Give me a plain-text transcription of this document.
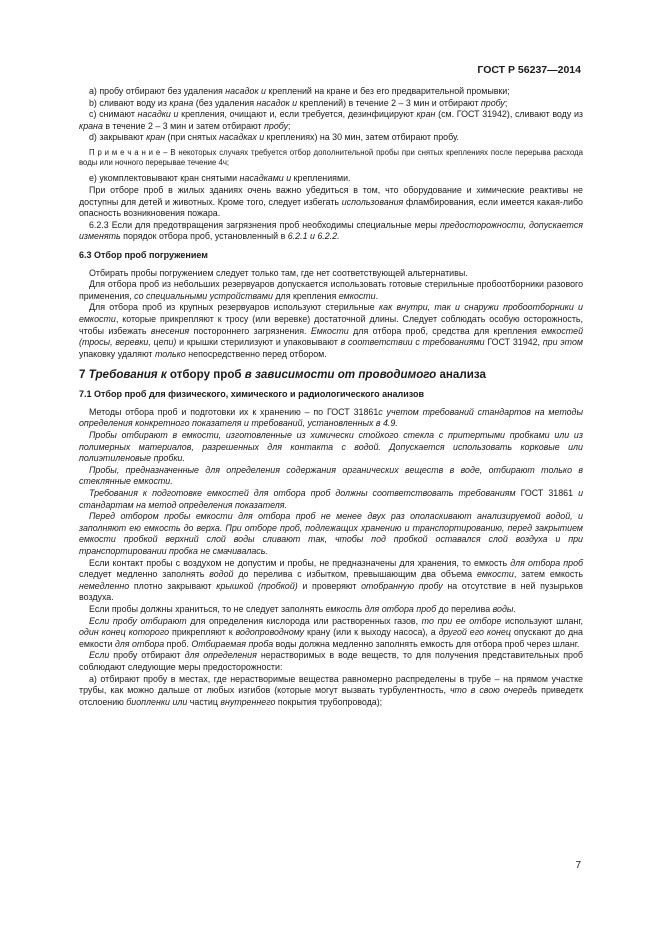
ГОСТ Р 56237—2014

а) пробу отбирают без удаления насадок и креплений на кране и без его предварительной промывки;

b) сливают воду из крана (без удаления насадок и креплений) в течение 2 – 3 мин и отбирают пробу;

с) снимают насадки и крепления, очищают и, если требуется, дезинфицируют кран (см. ГОСТ 31942), сливают воду из крана в течение 2 – 3 мин и затем отбирают пробу;

d) закрывают кран (при снятых насадках и креплениях) на 30 мин, затем отбирают пробу.

П р и м е ч а н и е – В некоторых случаях требуется отбор дополнительной пробы при снятых креплениях после перерыва расхода воды или ночного перерывае течение 4ч;

е) укомплектовывают кран снятыми насадками и креплениями.

При отборе проб в жилых зданиях очень важно убедиться в том, что оборудование и химические реактивы не доступны для детей и животных. Кроме того, следует избегать использования фламбирования, если имеется какая-либо опасность возникновения пожара.

6.2.3 Если для предотвращения загрязнения проб необходимы специальные меры предосторожности, допускается изменять порядок отбора проб, установленный в 6.2.1 и 6.2.2.

6.3 Отбор проб погружением

Отбирать пробы погружением следует только там, где нет соответствующей альтернативы.

Для отбора проб из небольших резервуаров допускается использовать готовые стерильные пробоотборники разового применения, со специальными устройствами для крепления емкости.

Для отбора проб из крупных резервуаров используют стерильные как внутри, так и снаружи пробоотборники и емкости, которые прикрепляют к тросу (или веревке) достаточной длины. Следует соблюдать особую осторожность, чтобы избежать внесения постороннего загрязнения. Емкости для отбора проб, средства для крепления емкостей (тросы, веревки, цепи) и крышки стерилизуют и упаковывают в соответствии с требованиями ГОСТ 31942, при этом упаковку удаляют только непосредственно перед отбором.

7 Требования к отбору проб в зависимости от проводимого анализа
7.1 Отбор проб для физического, химического и радиологического анализов

Методы отбора проб и подготовки их к хранению – по ГОСТ 31861с учетом требований стандартов на методы определения конкретного показателя и требований, установленных в 4.9.

Пробы отбирают в емкости, изготовленные из химически стойкого стекла с притертыми пробками или из полимерных материалов, разрешенных для контакта с водой. Допускается использовать корковые или полиэтиленовые пробки.

Пробы, предназначенные для определения содержания органических веществ в воде, отбирают только в стеклянные емкости.

Требования к подготовке емкостей для отбора проб должны соответствовать требованиям ГОСТ 31861 и стандартам на метод определения показателя.

Перед отбором пробы емкости для отбора проб не менее двух раз ополаскивают анализируемой водой, и заполняют ею емкость до верха. При отборе проб, подлежащих хранению и транспортированию, перед закрытием емкости пробкой верхний слой воды сливают так, чтобы под пробкой оставался слой воздуха и при транспортировании пробка не смачивалась.

Если контакт пробы с воздухом не допустим и пробы, не предназначены для хранения, то емкость для отбора проб следует медленно заполнять водой до перелива с избытком, превышающим два объема емкости, затем емкость немедленно плотно закрывают крышкой (пробкой) и проверяют отобранную пробу на отсутствие в ней пузырьков воздуха.

Если пробы должны храниться, то не следует заполнять емкость для отбора проб до перелива воды.

Если пробу отбирают для определения кислорода или растворенных газов, то при ее отборе используют шланг, один конец которого прикрепляют к водопроводному крану (или к выходу насоса), а другой его конец опускают до дна емкости для отбора проб. Отбираемая проба воды должна медленно заполнять емкость для отбора проб через шланг.

Если пробу отбирают для определения нерастворимых в воде веществ, то для получения представительных проб соблюдают следующие меры предосторожности:

а) отбирают пробу в местах, где нерастворимые вещества равномерно распределены в трубе – на прямом участке трубы, как можно дальше от любых изгибов (которые могут вызвать турбулентность, что в свою очередь приведетк отслоению биопленки или частиц внутреннего покрытия трубопровода);

7
